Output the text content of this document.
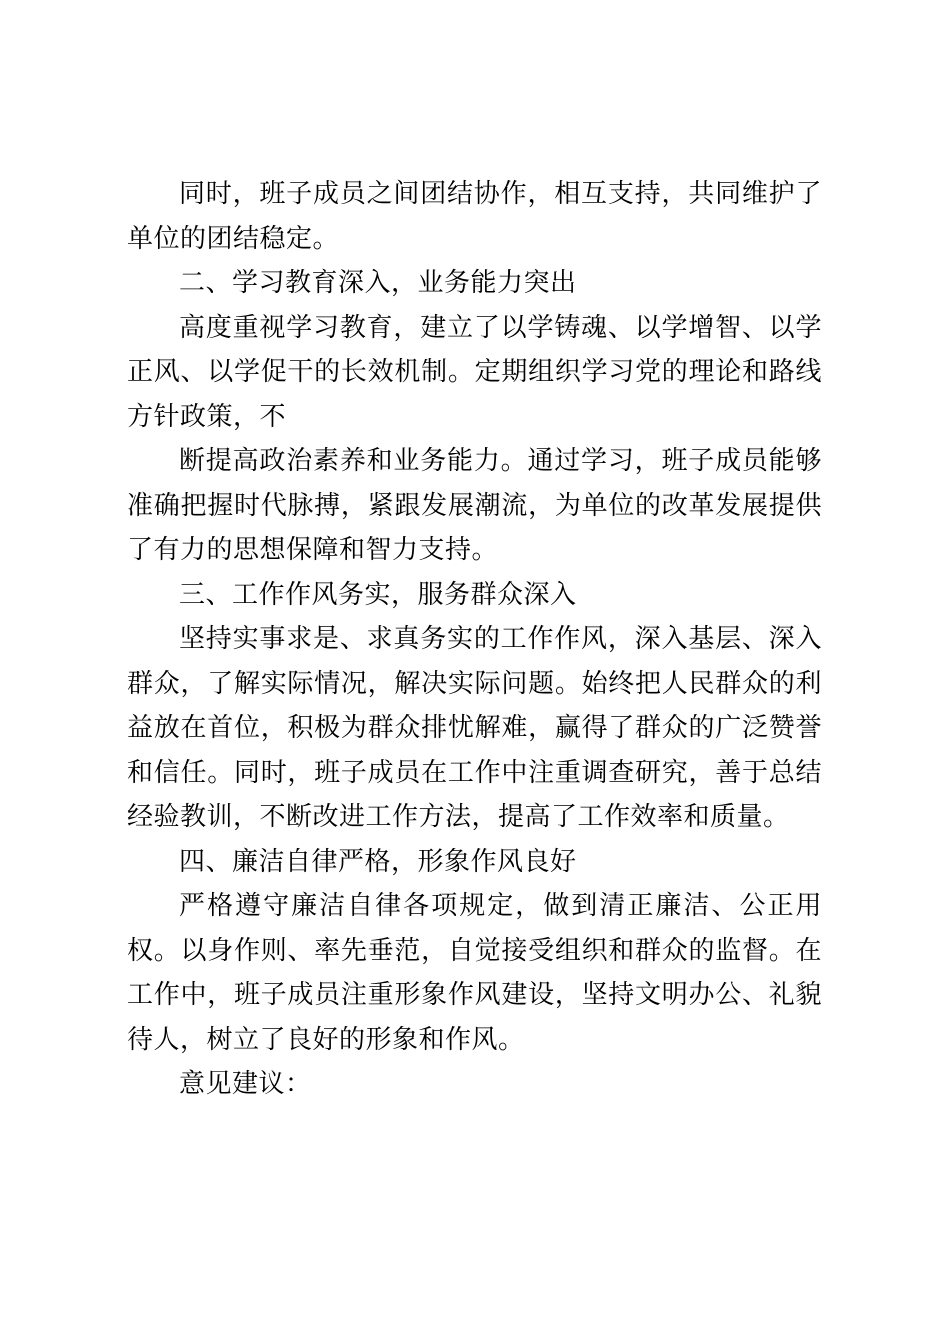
同时，班子成员之间团结协作，相互支持，共同维护了单位的团结稳定。

二、学习教育深入，业务能力突出

高度重视学习教育，建立了以学铸魂、以学增智、以学正风、以学促干的长效机制。定期组织学习党的理论和路线方针政策，不

断提高政治素养和业务能力。通过学习，班子成员能够准确把握时代脉搏，紧跟发展潮流，为单位的改革发展提供了有力的思想保障和智力支持。

三、工作作风务实，服务群众深入

坚持实事求是、求真务实的工作作风，深入基层、深入群众，了解实际情况，解决实际问题。始终把人民群众的利益放在首位，积极为群众排忧解难，赢得了群众的广泛赞誉和信任。同时，班子成员在工作中注重调查研究，善于总结经验教训，不断改进工作方法，提高了工作效率和质量。

四、廉洁自律严格，形象作风良好

严格遵守廉洁自律各项规定，做到清正廉洁、公正用权。以身作则、率先垂范，自觉接受组织和群众的监督。在工作中，班子成员注重形象作风建设，坚持文明办公、礼貌待人，树立了良好的形象和作风。

意见建议：
